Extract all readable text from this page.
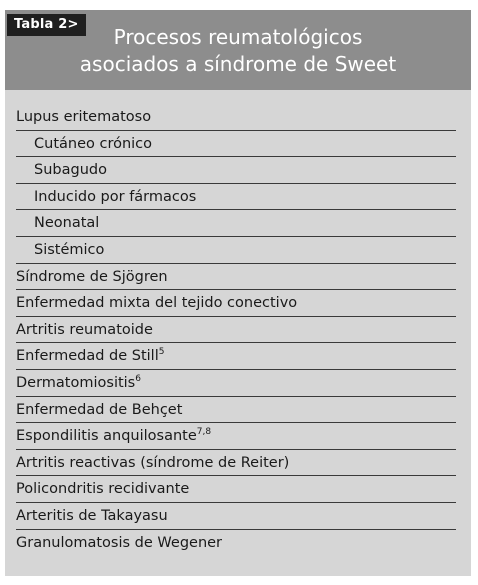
Tabla 2>
Procesos reumatológicos
asociados a síndrome de Sweet
Lupus eritematoso
Cutáneo crónico
Subagudo
Inducido por fármacos
Neonatal
Sistémico
Síndrome de Sjögren
Enfermedad mixta del tejido conectivo
Artritis reumatoide
Enfermedad de Still$^5$
Dermatomiositis$^6$
Enfermedad de Behçet
Espondilitis anquilosante$^{7,8}$
Artritis reactivas (síndrome de Reiter)
Policondritis recidivante
Arteritis de Takayasu
Granulomatosis de Wegener
